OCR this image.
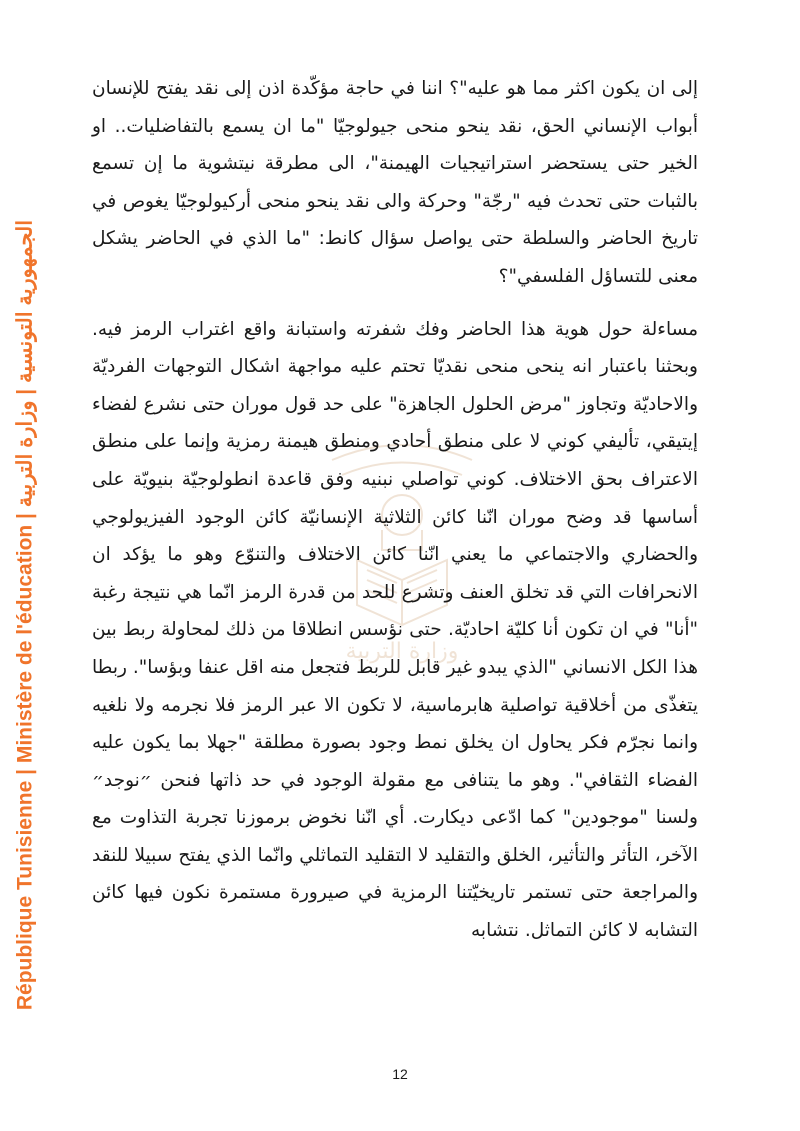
République Tunisienne | Ministère de l'éducation | الجمهورية التونسية | وزارة التربية
وزارة التربية

إلى ان يكون اكثر مما هو عليه"؟ اننا في حاجة مؤكّدة اذن إلى نقد يفتح للإنسان أبواب الإنساني الحق، نقد ينحو منحى جيولوجيّا "ما ان يسمع بالتفاضليات.. او الخير حتى يستحضر استراتيجيات الهيمنة"، الى مطرقة نيتشوية ما إن تسمع بالثبات حتى تحدث فيه "رجّة" وحركة والى نقد ينحو منحى أركيولوجيّا يغوص في تاريخ الحاضر والسلطة حتى يواصل سؤال كانط: "ما الذي في الحاضر يشكل معنى للتساؤل الفلسفي"؟

مساءلة حول هوية هذا الحاضر وفك شفرته واستبانة واقع اغتراب الرمز فيه. وبحثنا باعتبار انه ينحى منحى نقديّا تحتم عليه مواجهة اشكال التوجهات الفرديّة والاحاديّة وتجاوز "مرض الحلول الجاهزة" على حد قول موران حتى نشرع لفضاء إيتيقي، تأليفي كوني لا على منطق أحادي ومنطق هيمنة رمزية وإنما على منطق الاعتراف بحق الاختلاف. كوني تواصلي نبنيه وفق قاعدة انطولوجيّة بنيويّة على أساسها قد وضح موران انّنا كائن الثلاثية الإنسانيّة كائن الوجود الفيزيولوجي والحضاري والاجتماعي ما يعني انّنا كائن الاختلاف والتنوّع وهو ما يؤكد ان الانحرافات التي قد تخلق العنف وتشرع للحد من قدرة الرمز انّما هي نتيجة رغبة "أنا" في ان تكون أنا كليّة احاديّة. حتى نؤسس انطلاقا من ذلك لمحاولة ربط بين هذا الكل الانساني "الذي يبدو غير قابل للربط فتجعل منه اقل عنفا وبؤسا". ربطا يتغذّى من أخلاقية تواصلية هابرماسية، لا تكون الا عبر الرمز فلا نجرمه ولا نلغيه وانما نجرّم فكر يحاول ان يخلق نمط وجود بصورة مطلقة "جهلا بما يكون عليه الفضاء الثقافي". وهو ما يتنافى مع مقولة الوجود في حد ذاتها فنحن ״نوجد״ ولسنا "موجودين" كما ادّعى ديكارت. أي انّنا نخوض برموزنا تجربة التذاوت مع الآخر، التأثر والتأثير، الخلق والتقليد لا التقليد التماثلي وانّما الذي يفتح سبيلا للنقد والمراجعة حتى تستمر تاريخيّتنا الرمزية في صيرورة مستمرة نكون فيها كائن التشابه لا كائن التماثل. نتشابه

12
